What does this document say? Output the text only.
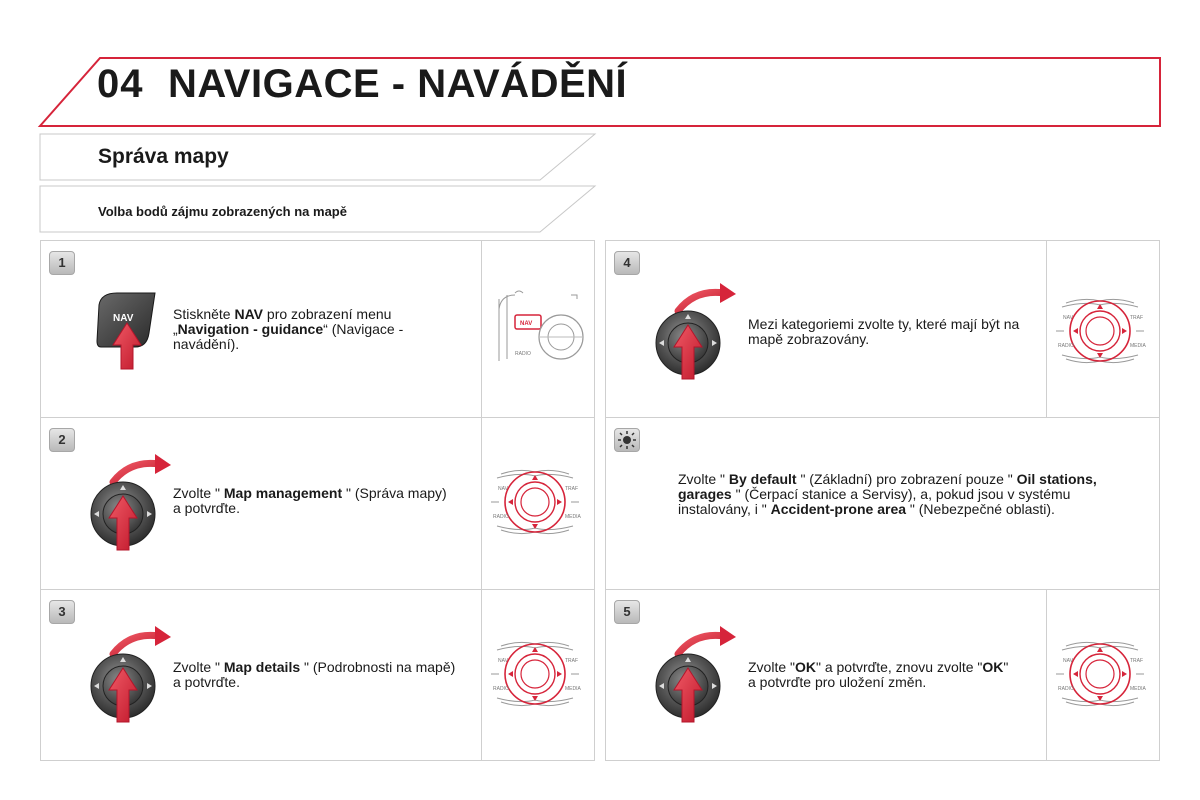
04 NAVIGACE - NAVÁDĚNÍ
Správa mapy
Volba bodů zájmu zobrazených na mapě
1
NAV	Stiskněte NAV pro zobrazení menu „Navigation - guidance“ (Navigace - navádění).
NAV
RADIO
2
Zvolte " Map management " (Správa mapy) a potvrďte.
NAV	TRAF
RADIO	MEDIA
3
Zvolte " Map details " (Podrobnosti na mapě) a potvrďte.
NAV	TRAF
RADIO	MEDIA
4
Mezi kategoriemi zvolte ty, které mají být na mapě zobrazovány.
NAV	TRAF
RADIO	MEDIA
Zvolte " By default " (Základní) pro zobrazení pouze " Oil stations, garages " (Čerpací stanice a Servisy), a, pokud jsou v systému instalovány, i " Accident-prone area " (Nebezpečné oblasti).
5
Zvolte "OK" a potvrďte, znovu zvolte "OK" a potvrďte pro uložení změn.
NAV	TRAF
RADIO	MEDIA
